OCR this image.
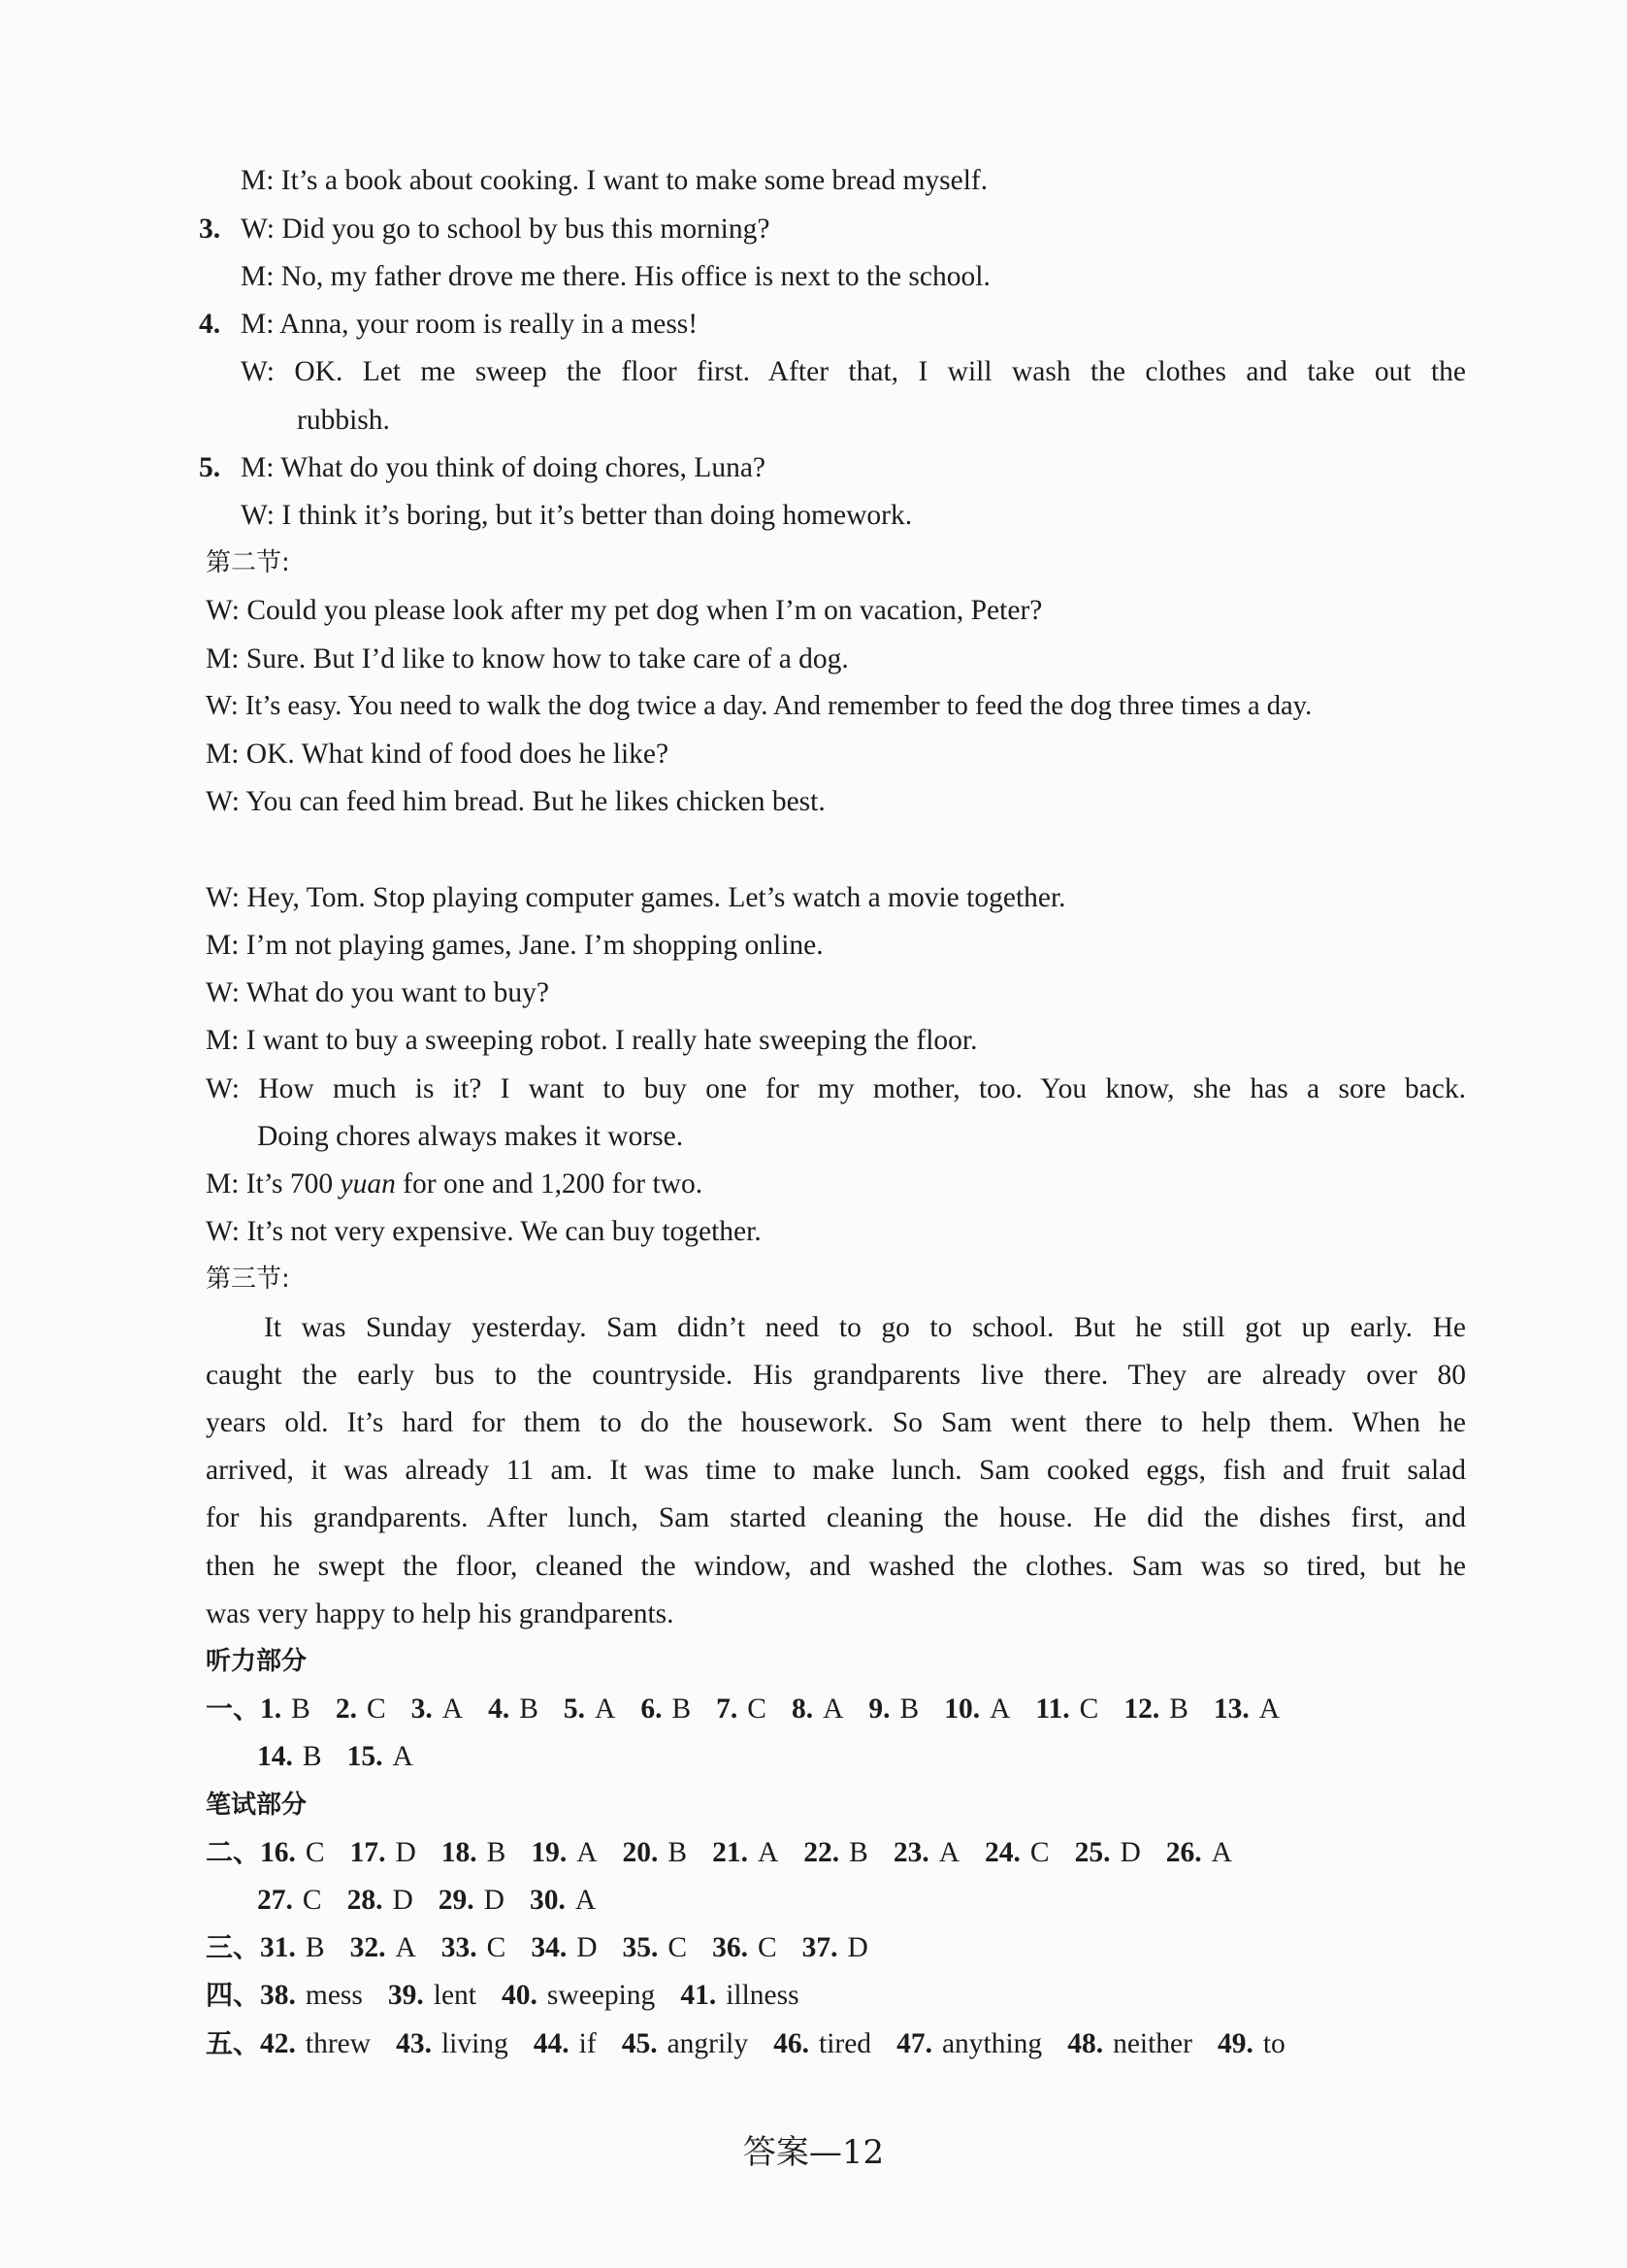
M: It’s a book about cooking. I want to make some bread myself.
3. W: Did you go to school by bus this morning?
M: No, my father drove me there. His office is next to the school.
4. M: Anna, your room is really in a mess!
W: OK. Let me sweep the floor first. After that, I will wash the clothes and take out the
rubbish.
5. M: What do you think of doing chores, Luna?
W: I think it’s boring, but it’s better than doing homework.
第二节:
W: Could you please look after my pet dog when I’m on vacation, Peter?
M: Sure. But I’d like to know how to take care of a dog.
W: It’s easy. You need to walk the dog twice a day. And remember to feed the dog three times a day.
M: OK. What kind of food does he like?
W: You can feed him bread. But he likes chicken best.
W: Hey, Tom. Stop playing computer games. Let’s watch a movie together.
M: I’m not playing games, Jane. I’m shopping online.
W: What do you want to buy?
M: I want to buy a sweeping robot. I really hate sweeping the floor.
W: How much is it? I want to buy one for my mother, too. You know, she has a sore back.
Doing chores always makes it worse.
M: It’s 700 yuan for one and 1,200 for two.
W: It’s not very expensive. We can buy together.
第三节:
It was Sunday yesterday. Sam didn’t need to go to school. But he still got up early. He
caught the early bus to the countryside. His grandparents live there. They are already over 80
years old. It’s hard for them to do the housework. So Sam went there to help them. When he
arrived, it was already 11 am. It was time to make lunch. Sam cooked eggs, fish and fruit salad
for his grandparents. After lunch, Sam started cleaning the house. He did the dishes first, and
then he swept the floor, cleaned the window, and washed the clothes. Sam was so tired, but he
was very happy to help his grandparents.
听力部分
一、 1. B 2. C 3. A 4. B 5. A 6. B 7. C 8. A 9. B 10. A 11. C 12. B 13. A
14. B 15. A
笔试部分
二、 16. C 17. D 18. B 19. A 20. B 21. A 22. B 23. A 24. C 25. D 26. A
27. C 28. D 29. D 30. A
三、 31. B 32. A 33. C 34. D 35. C 36. C 37. D
四、 38. mess 39. lent 40. sweeping 41. illness
五、 42. threw 43. living 44. if 45. angrily 46. tired 47. anything 48. neither 49. to
答案—12
